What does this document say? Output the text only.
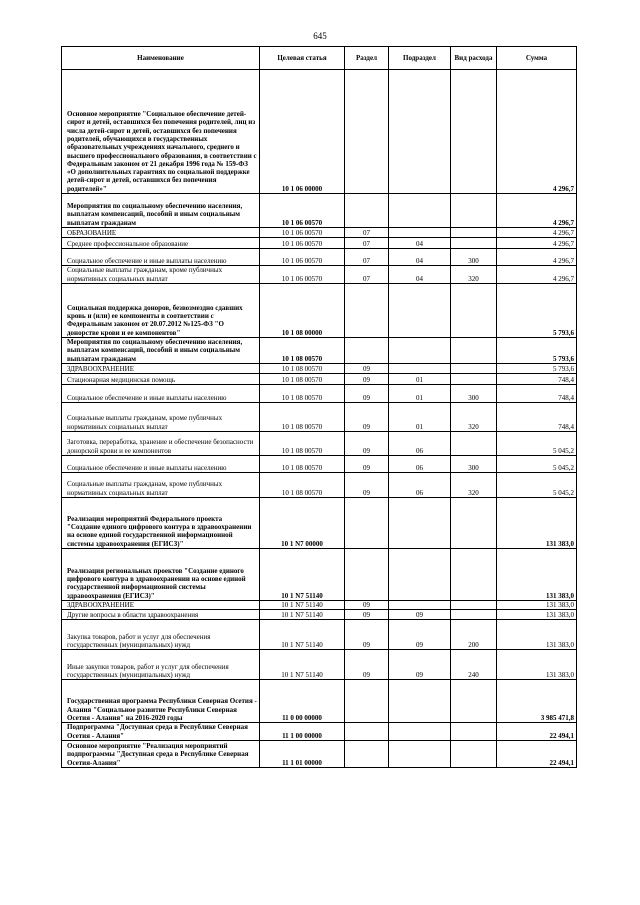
645
Наименование	Целевая статья	Раздел	Подраздел	Вид расхода	Сумма
Основное мероприятие "Социальное обеспечение детей-сирот и детей, оставшихся без попечения родителей, лиц из числа детей-сирот и детей, оставшихся без попечения родителей, обучающихся в государственных образовательных учреждениях начального, среднего и высшего профессионального образования, в соответствии с Федеральным законом от 21 декабря 1996 года № 159-ФЗ «О дополнительных гарантиях по социальной поддержке детей-сирот и детей, оставшихся без попечения родителей»"	10 1 06 00000				4 296,7
Мероприятия по социальному обеспечению населения, выплатам компенсаций, пособий и иным социальным выплатам гражданам	10 1 06 00570				4 296,7
ОБРАЗОВАНИЕ	10 1 06 00570	07			4 296,7
Среднее профессиональное образование	10 1 06 00570	07	04		4 296,7
Социальное обеспечение и иные выплаты населению	10 1 06 00570	07	04	300	4 296,7
Социальные выплаты гражданам, кроме публичных нормативных социальных выплат	10 1 06 00570	07	04	320	4 296,7
Социальная поддержка доноров, безвозмездно сдавших кровь и (или) ее компоненты в соответствии с Федеральным законом от 20.07.2012 №125-ФЗ "О донорстве крови и ее компонентов"	10 1 08 00000				5 793,6
Мероприятия по социальному обеспечению населения, выплатам компенсаций, пособий и иным социальным выплатам гражданам	10 1 08 00570				5 793,6
ЗДРАВООХРАНЕНИЕ	10 1 08 00570	09			5 793,6
Стационарная медицинская помощь	10 1 08 00570	09	01		748,4
Социальное обеспечение и иные выплаты населению	10 1 08 00570	09	01	300	748,4
Социальные выплаты гражданам, кроме публичных нормативных социальных выплат	10 1 08 00570	09	01	320	748,4
Заготовка, переработка, хранение и обеспечение безопасности донорской крови и ее компонентов	10 1 08 00570	09	06		5 045,2
Социальное обеспечение и иные выплаты населению	10 1 08 00570	09	06	300	5 045,2
Социальные выплаты гражданам, кроме публичных нормативных социальных выплат	10 1 08 00570	09	06	320	5 045,2
Реализация мероприятий Федерального проекта "Создание единого цифрового контура в здравоохранении на основе единой государственной информационной системы здравоохранения (ЕГИСЗ)"	10 1 N7 00000				131 383,0
Реализация региональных проектов "Создание единого цифрового контура в здравоохранении на основе единой государственной информационной системы здравоохранения (ЕГИСЗ)"	10 1 N7 51140				131 383,0
ЗДРАВООХРАНЕНИЕ	10 1 N7 51140	09			131 383,0
Другие вопросы в области здравоохранения	10 1 N7 51140	09	09		131 383,0
Закупка товаров, работ и услуг для обеспечения государственных (муниципальных) нужд	10 1 N7 51140	09	09	200	131 383,0
Иные закупки товаров, работ и услуг для обеспечения государственных (муниципальных) нужд	10 1 N7 51140	09	09	240	131 383,0
Государственная программа Республики Северная Осетия - Алания "Социальное развитие Республики Северная Осетия - Алания" на 2016-2020 годы	11 0 00 00000				3 985 471,8
Подпрограмма "Доступная среда в Республике Северная Осетия - Алания"	11 1 00 00000				22 494,1
Основное мероприятие "Реализация мероприятий подпрограммы "Доступная среда в Республике Северная Осетия-Алания"	11 1 01 00000				22 494,1
